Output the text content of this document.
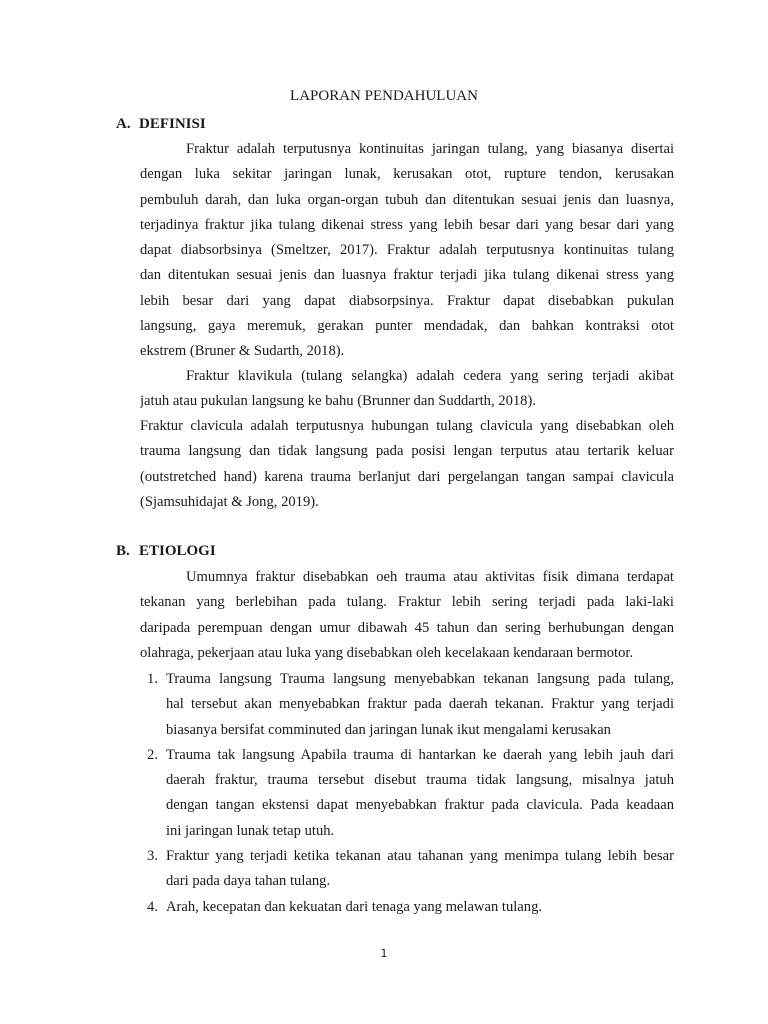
LAPORAN PENDAHULUAN
A. DEFINISI
Fraktur adalah terputusnya kontinuitas jaringan tulang, yang biasanya disertai
dengan luka sekitar jaringan lunak, kerusakan otot, rupture tendon, kerusakan
pembuluh darah, dan luka organ-organ tubuh dan ditentukan sesuai jenis dan luasnya,
terjadinya fraktur jika tulang dikenai stress yang lebih besar dari yang besar dari yang
dapat diabsorbsinya (Smeltzer, 2017). Fraktur adalah terputusnya kontinuitas tulang
dan ditentukan sesuai jenis dan luasnya fraktur terjadi jika tulang dikenai stress yang
lebih besar dari yang dapat diabsorpsinya. Fraktur dapat disebabkan pukulan
langsung, gaya meremuk, gerakan punter mendadak, dan bahkan kontraksi otot
ekstrem (Bruner & Sudarth, 2018).
Fraktur klavikula (tulang selangka) adalah cedera yang sering terjadi akibat
jatuh atau pukulan langsung ke bahu (Brunner dan Suddarth, 2018).
Fraktur clavicula adalah terputusnya hubungan tulang clavicula yang disebabkan oleh
trauma langsung dan tidak langsung pada posisi lengan terputus atau tertarik keluar
(outstretched hand) karena trauma berlanjut dari pergelangan tangan sampai clavicula
(Sjamsuhidajat & Jong, 2019).
B. ETIOLOGI
Umumnya fraktur disebabkan oeh trauma atau aktivitas fisik dimana terdapat
tekanan yang berlebihan pada tulang. Fraktur lebih sering terjadi pada laki-laki
daripada perempuan dengan umur dibawah 45 tahun dan sering berhubungan dengan
olahraga, pekerjaan atau luka yang disebabkan oleh kecelakaan kendaraan bermotor.
1. Trauma langsung Trauma langsung menyebabkan tekanan langsung pada tulang,
hal tersebut akan menyebabkan fraktur pada daerah tekanan. Fraktur yang terjadi
biasanya bersifat comminuted dan jaringan lunak ikut mengalami kerusakan
2. Trauma tak langsung Apabila trauma di hantarkan ke daerah yang lebih jauh dari
daerah fraktur, trauma tersebut disebut trauma tidak langsung, misalnya jatuh
dengan tangan ekstensi dapat menyebabkan fraktur pada clavicula. Pada keadaan
ini jaringan lunak tetap utuh.
3. Fraktur yang terjadi ketika tekanan atau tahanan yang menimpa tulang lebih besar
dari pada daya tahan tulang.
4. Arah, kecepatan dan kekuatan dari tenaga yang melawan tulang.
1
